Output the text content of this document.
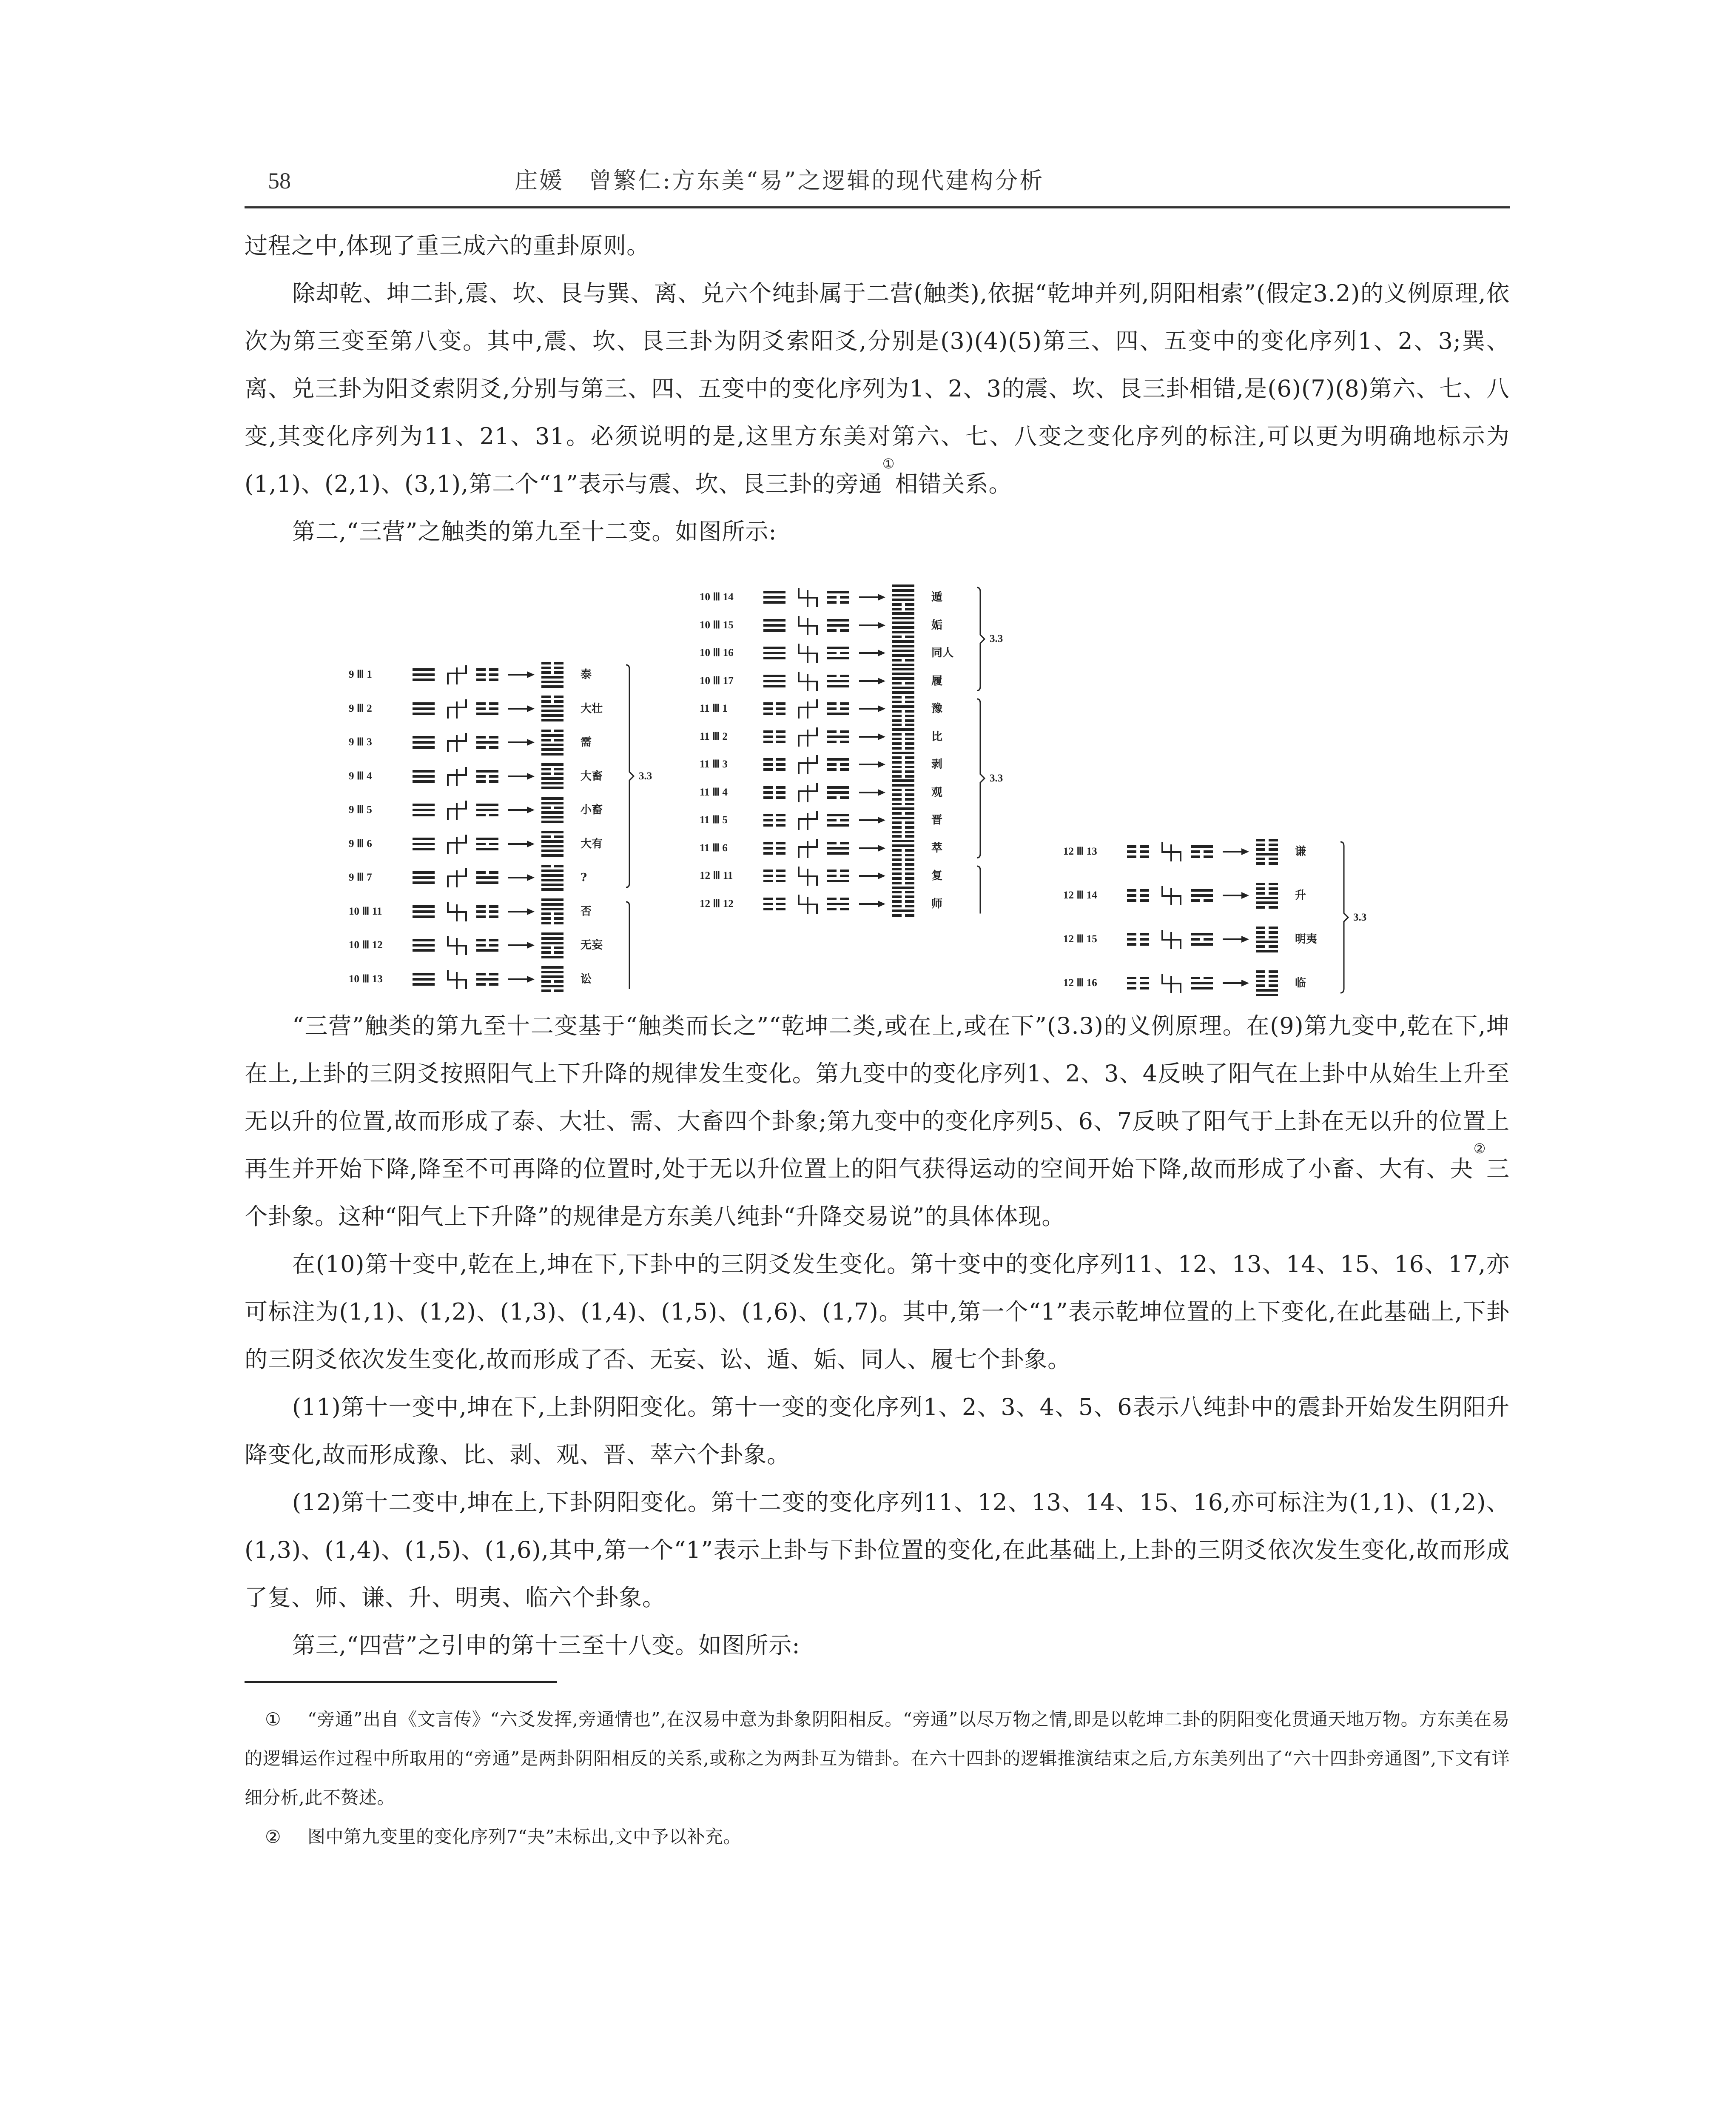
58	庄媛　曾繁仁:方东美“易”之逻辑的现代建构分析

过程之中,体现了重三成六的重卦原则。

除却乾、坤二卦,震、坎、艮与巽、离、兑六个纯卦属于二营(触类),依据“乾坤并列,阴阳相索”(假定3.2)的义例原理,依次为第三变至第八变。其中,震、坎、艮三卦为阴爻索阳爻,分别是(3)(4)(5)第三、四、五变中的变化序列1、2、3;巽、离、兑三卦为阳爻索阴爻,分别与第三、四、五变中的变化序列为1、2、3的震、坎、艮三卦相错,是(6)(7)(8)第六、七、八变,其变化序列为11、21、31。必须说明的是,这里方东美对第六、七、八变之变化序列的标注,可以更为明确地标示为(1,1)、(2,1)、(3,1),第二个“1”表示与震、坎、艮三卦的旁通①相错关系。

第二,“三营”之触类的第九至十二变。如图所示:

9 Ⅲ 1	泰
9 Ⅲ 2	大壮
9 Ⅲ 3	需
9 Ⅲ 4	大畜
9 Ⅲ 5	小畜
9 Ⅲ 6	大有
9 Ⅲ 7	?
10 Ⅲ 11	否
10 Ⅲ 12	无妄
10 Ⅲ 13	讼
3.3
10 Ⅲ 14	遁
10 Ⅲ 15	姤
10 Ⅲ 16	同人
10 Ⅲ 17	履
11 Ⅲ 1	豫
11 Ⅲ 2	比
11 Ⅲ 3	剥
11 Ⅲ 4	观
11 Ⅲ 5	晋
11 Ⅲ 6	萃
12 Ⅲ 11	复
12 Ⅲ 12	师
3.3
3.3
12 Ⅲ 13	谦
12 Ⅲ 14	升
12 Ⅲ 15	明夷
12 Ⅲ 16	临
3.3

“三营”触类的第九至十二变基于“触类而长之”“乾坤二类,或在上,或在下”(3.3)的义例原理。在(9)第九变中,乾在下,坤在上,上卦的三阴爻按照阳气上下升降的规律发生变化。第九变中的变化序列1、2、3、4反映了阳气在上卦中从始生上升至无以升的位置,故而形成了泰、大壮、需、大畜四个卦象;第九变中的变化序列5、6、7反映了阳气于上卦在无以升的位置上再生并开始下降,降至不可再降的位置时,处于无以升位置上的阳气获得运动的空间开始下降,故而形成了小畜、大有、夬②三个卦象。这种“阳气上下升降”的规律是方东美八纯卦“升降交易说”的具体体现。

在(10)第十变中,乾在上,坤在下,下卦中的三阴爻发生变化。第十变中的变化序列11、12、13、14、15、16、17,亦可标注为(1,1)、(1,2)、(1,3)、(1,4)、(1,5)、(1,6)、(1,7)。其中,第一个“1”表示乾坤位置的上下变化,在此基础上,下卦的三阴爻依次发生变化,故而形成了否、无妄、讼、遁、姤、同人、履七个卦象。

(11)第十一变中,坤在下,上卦阴阳变化。第十一变的变化序列1、2、3、4、5、6表示八纯卦中的震卦开始发生阴阳升降变化,故而形成豫、比、剥、观、晋、萃六个卦象。

(12)第十二变中,坤在上,下卦阴阳变化。第十二变的变化序列11、12、13、14、15、16,亦可标注为(1,1)、(1,2)、(1,3)、(1,4)、(1,5)、(1,6),其中,第一个“1”表示上卦与下卦位置的变化,在此基础上,上卦的三阴爻依次发生变化,故而形成了复、师、谦、升、明夷、临六个卦象。

第三,“四营”之引申的第十三至十八变。如图所示:

① “旁通”出自《文言传》“六爻发挥,旁通情也”,在汉易中意为卦象阴阳相反。“旁通”以尽万物之情,即是以乾坤二卦的阴阳变化贯通天地万物。方东美在易的逻辑运作过程中所取用的“旁通”是两卦阴阳相反的关系,或称之为两卦互为错卦。在六十四卦的逻辑推演结束之后,方东美列出了“六十四卦旁通图”,下文有详细分析,此不赘述。

② 图中第九变里的变化序列7“夬”未标出,文中予以补充。
